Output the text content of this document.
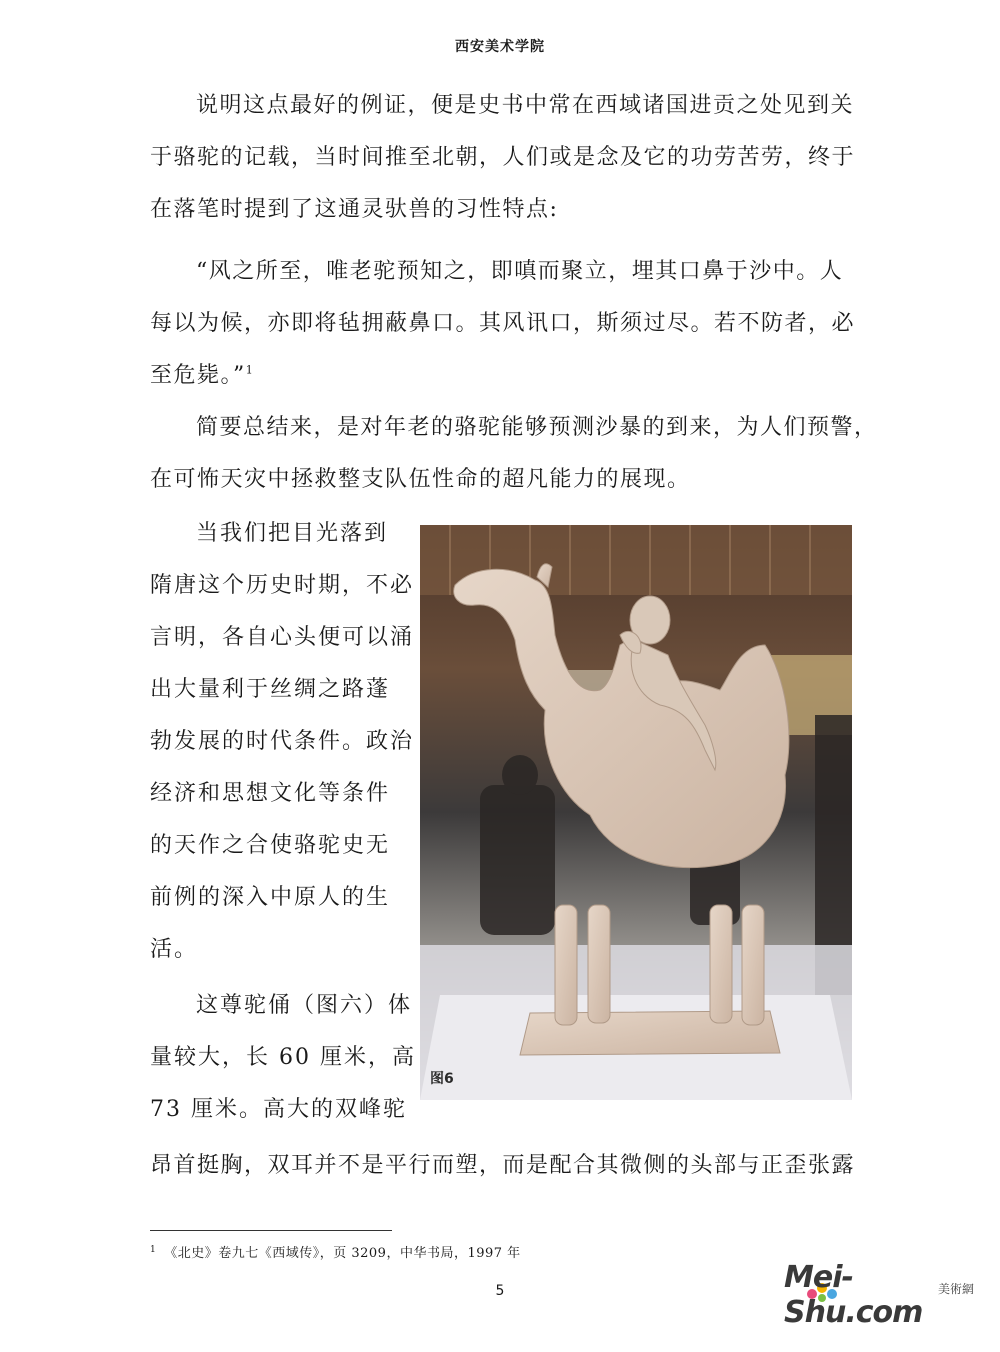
西安美术学院
说明这点最好的例证，便是史书中常在西域诸国进贡之处见到关
于骆驼的记载，当时间推至北朝，人们或是念及它的功劳苦劳，终于
在落笔时提到了这通灵驮兽的习性特点:
“风之所至，唯老驼预知之，即嗔而聚立，埋其口鼻于沙中。人
每以为候，亦即将毡拥蔽鼻口。其风讯口，斯须过尽。若不防者，必
至危毙。”$^1$
简要总结来，是对年老的骆驼能够预测沙暴的到来，为人们预警，
在可怖天灾中拯救整支队伍性命的超凡能力的展现。
当我们把目光落到
隋唐这个历史时期，不必
言明，各自心头便可以涌
出大量利于丝绸之路蓬
勃发展的时代条件。政治
经济和思想文化等条件
的天作之合使骆驼史无
前例的深入中原人的生
活。
这尊驼俑（图六）体
量较大，长 60 厘米，高
73 厘米。高大的双峰驼
昂首挺胸，双耳并不是平行而塑，而是配合其微侧的头部与正歪张露
图6
$^1$ 《北史》卷九七《西域传》，页 3209，中华书局，1997 年
5	美術網
Mei-Shu.com
